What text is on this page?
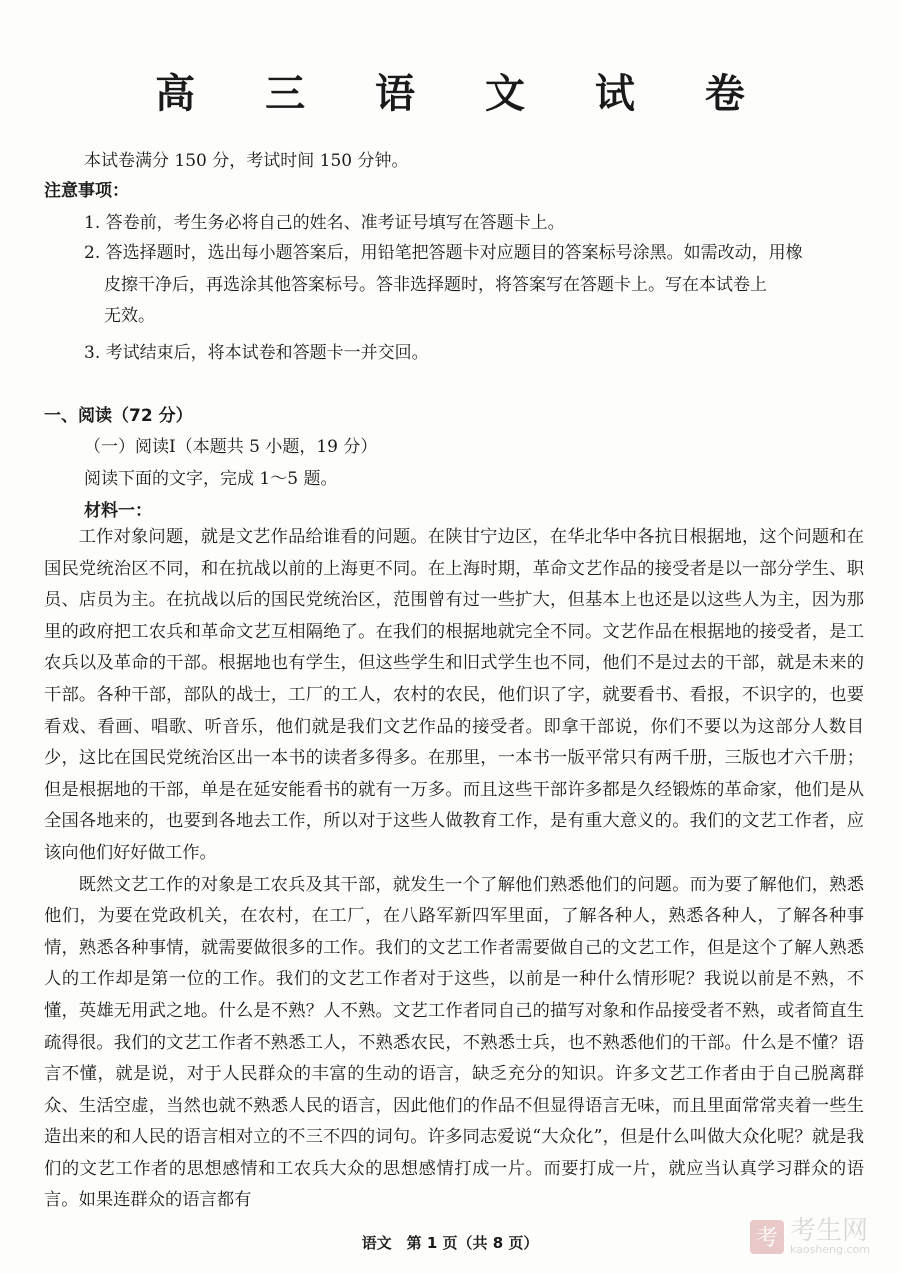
高 三 语 文 试 卷
本试卷满分 150 分，考试时间 150 分钟。
注意事项：
1. 答卷前，考生务必将自己的姓名、准考证号填写在答题卡上。
2. 答选择题时，选出每小题答案后，用铅笔把答题卡对应题目的答案标号涂黑。如需改动，用橡
皮擦干净后，再选涂其他答案标号。答非选择题时，将答案写在答题卡上。写在本试卷上
无效。
3. 考试结束后，将本试卷和答题卡一并交回。
一、阅读（72 分）
（一）阅读Ⅰ（本题共 5 小题，19 分）
阅读下面的文字，完成 1～5 题。
材料一：

工作对象问题，就是文艺作品给谁看的问题。在陕甘宁边区，在华北华中各抗日根据地，这个问题和在国民党统治区不同，和在抗战以前的上海更不同。在上海时期，革命文艺作品的接受者是以一部分学生、职员、店员为主。在抗战以后的国民党统治区，范围曾有过一些扩大，但基本上也还是以这些人为主，因为那里的政府把工农兵和革命文艺互相隔绝了。在我们的根据地就完全不同。文艺作品在根据地的接受者，是工农兵以及革命的干部。根据地也有学生，但这些学生和旧式学生也不同，他们不是过去的干部，就是未来的干部。各种干部，部队的战士，工厂的工人，农村的农民，他们识了字，就要看书、看报，不识字的，也要看戏、看画、唱歌、听音乐，他们就是我们文艺作品的接受者。即拿干部说，你们不要以为这部分人数目少，这比在国民党统治区出一本书的读者多得多。在那里，一本书一版平常只有两千册，三版也才六千册；但是根据地的干部，单是在延安能看书的就有一万多。而且这些干部许多都是久经锻炼的革命家，他们是从全国各地来的，也要到各地去工作，所以对于这些人做教育工作，是有重大意义的。我们的文艺工作者，应该向他们好好做工作。

既然文艺工作的对象是工农兵及其干部，就发生一个了解他们熟悉他们的问题。而为要了解他们，熟悉他们，为要在党政机关，在农村，在工厂，在八路军新四军里面，了解各种人，熟悉各种人，了解各种事情，熟悉各种事情，就需要做很多的工作。我们的文艺工作者需要做自己的文艺工作，但是这个了解人熟悉人的工作却是第一位的工作。我们的文艺工作者对于这些，以前是一种什么情形呢？我说以前是不熟，不懂，英雄无用武之地。什么是不熟？人不熟。文艺工作者同自己的描写对象和作品接受者不熟，或者简直生疏得很。我们的文艺工作者不熟悉工人，不熟悉农民，不熟悉士兵，也不熟悉他们的干部。什么是不懂？语言不懂，就是说，对于人民群众的丰富的生动的语言，缺乏充分的知识。许多文艺工作者由于自己脱离群众、生活空虚，当然也就不熟悉人民的语言，因此他们的作品不但显得语言无味，而且里面常常夹着一些生造出来的和人民的语言相对立的不三不四的词句。许多同志爱说“大众化”，但是什么叫做大众化呢？就是我们的文艺工作者的思想感情和工农兵大众的思想感情打成一片。而要打成一片，就应当认真学习群众的语言。如果连群众的语言都有

语文　第 1 页（共 8 页）	考 考生网
kaosheng.com
